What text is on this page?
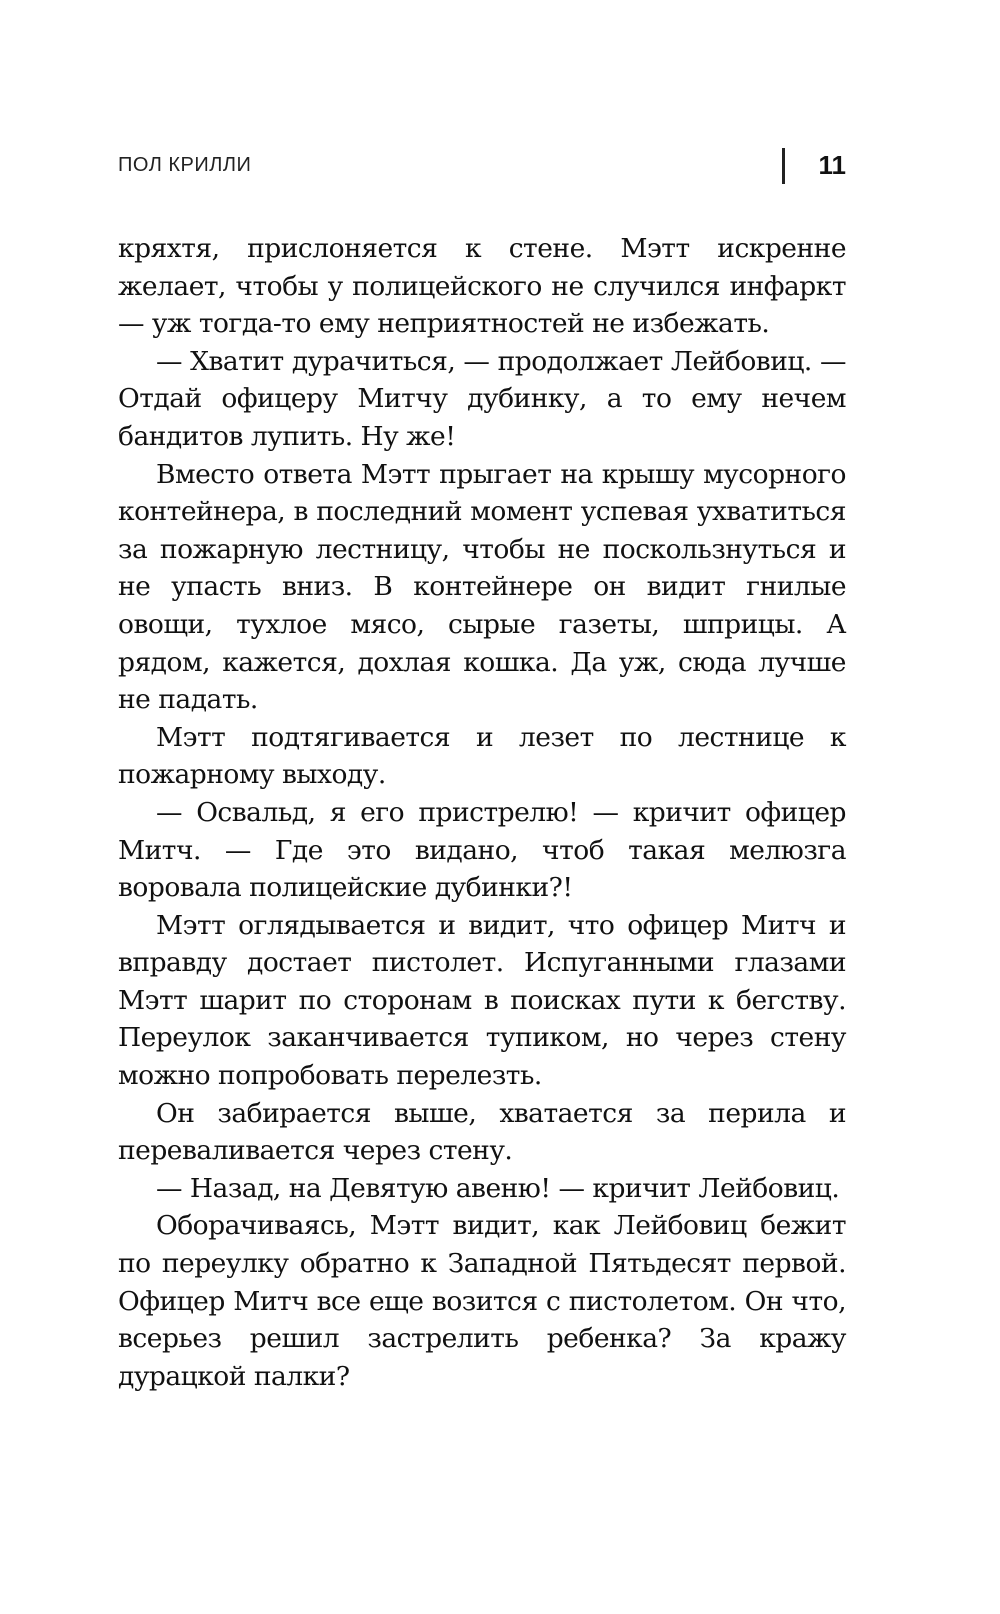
ПОЛ КРИЛЛИ	11

кряхтя, прислоняется к стене. Мэтт искренне желает, чтобы у полицейского не случился инфаркт — уж тогда-то ему неприятностей не избежать.

— Хватит дурачиться, — продолжает Лейбовиц. — Отдай офицеру Митчу дубинку, а то ему нечем бандитов лупить. Ну же!

Вместо ответа Мэтт прыгает на крышу мусорного контейнера, в последний момент успевая ухватиться за пожарную лестницу, чтобы не поскользнуться и не упасть вниз. В контейнере он видит гнилые овощи, тухлое мясо, сырые газеты, шприцы. А рядом, кажется, дохлая кошка. Да уж, сюда лучше не падать.

Мэтт подтягивается и лезет по лестнице к пожарному выходу.

— Освальд, я его пристрелю! — кричит офицер Митч. — Где это видано, чтоб такая мелюзга воровала полицейские дубинки?!

Мэтт оглядывается и видит, что офицер Митч и вправду достает пистолет. Испуганными глазами Мэтт шарит по сторонам в поисках пути к бегству. Переулок заканчивается тупиком, но через стену можно попробовать перелезть.

Он забирается выше, хватается за перила и переваливается через стену.

— Назад, на Девятую авеню! — кричит Лейбовиц.

Оборачиваясь, Мэтт видит, как Лейбовиц бежит по переулку обратно к Западной Пятьдесят первой. Офицер Митч все еще возится с пистолетом. Он что, всерьез решил застрелить ребенка? За кражу дурацкой палки?
